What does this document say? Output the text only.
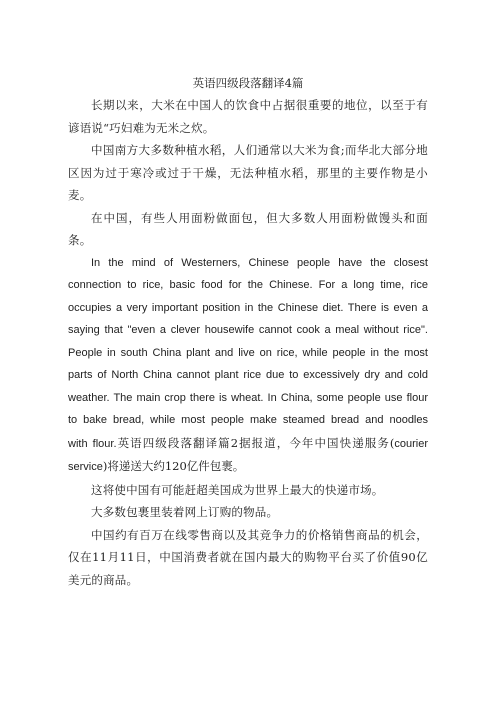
英语四级段落翻译4篇

长期以来，大米在中国人的饮食中占据很重要的地位，以至于有谚语说“巧妇难为无米之炊。

中国南方大多数种植水稻，人们通常以大米为食;而华北大部分地区因为过于寒冷或过于干燥，无法种植水稻，那里的主要作物是小麦。

在中国，有些人用面粉做面包，但大多数人用面粉做馒头和面条。

In the mind of Westerners, Chinese people have the closest connection to rice, basic food for the Chinese. For a long time, rice occupies a very important position in the Chinese diet. There is even a saying that "even a clever housewife cannot cook a meal without rice". People in south China plant and live on rice, while people in the most parts of North China cannot plant rice due to excessively dry and cold weather. The main crop there is wheat. In China, some people use flour to bake bread, while most people make steamed bread and noodles with flour.英语四级段落翻译篇2据报道，今年中国快递服务(courier service)将递送大约120亿件包裹。

这将使中国有可能赶超美国成为世界上最大的快递市场。

大多数包裹里装着网上订购的物品。

中国约有百万在线零售商以及其竞争力的价格销售商品的机会，仅在11月11日，中国消费者就在国内最大的购物平台买了价值90亿美元的商品。
